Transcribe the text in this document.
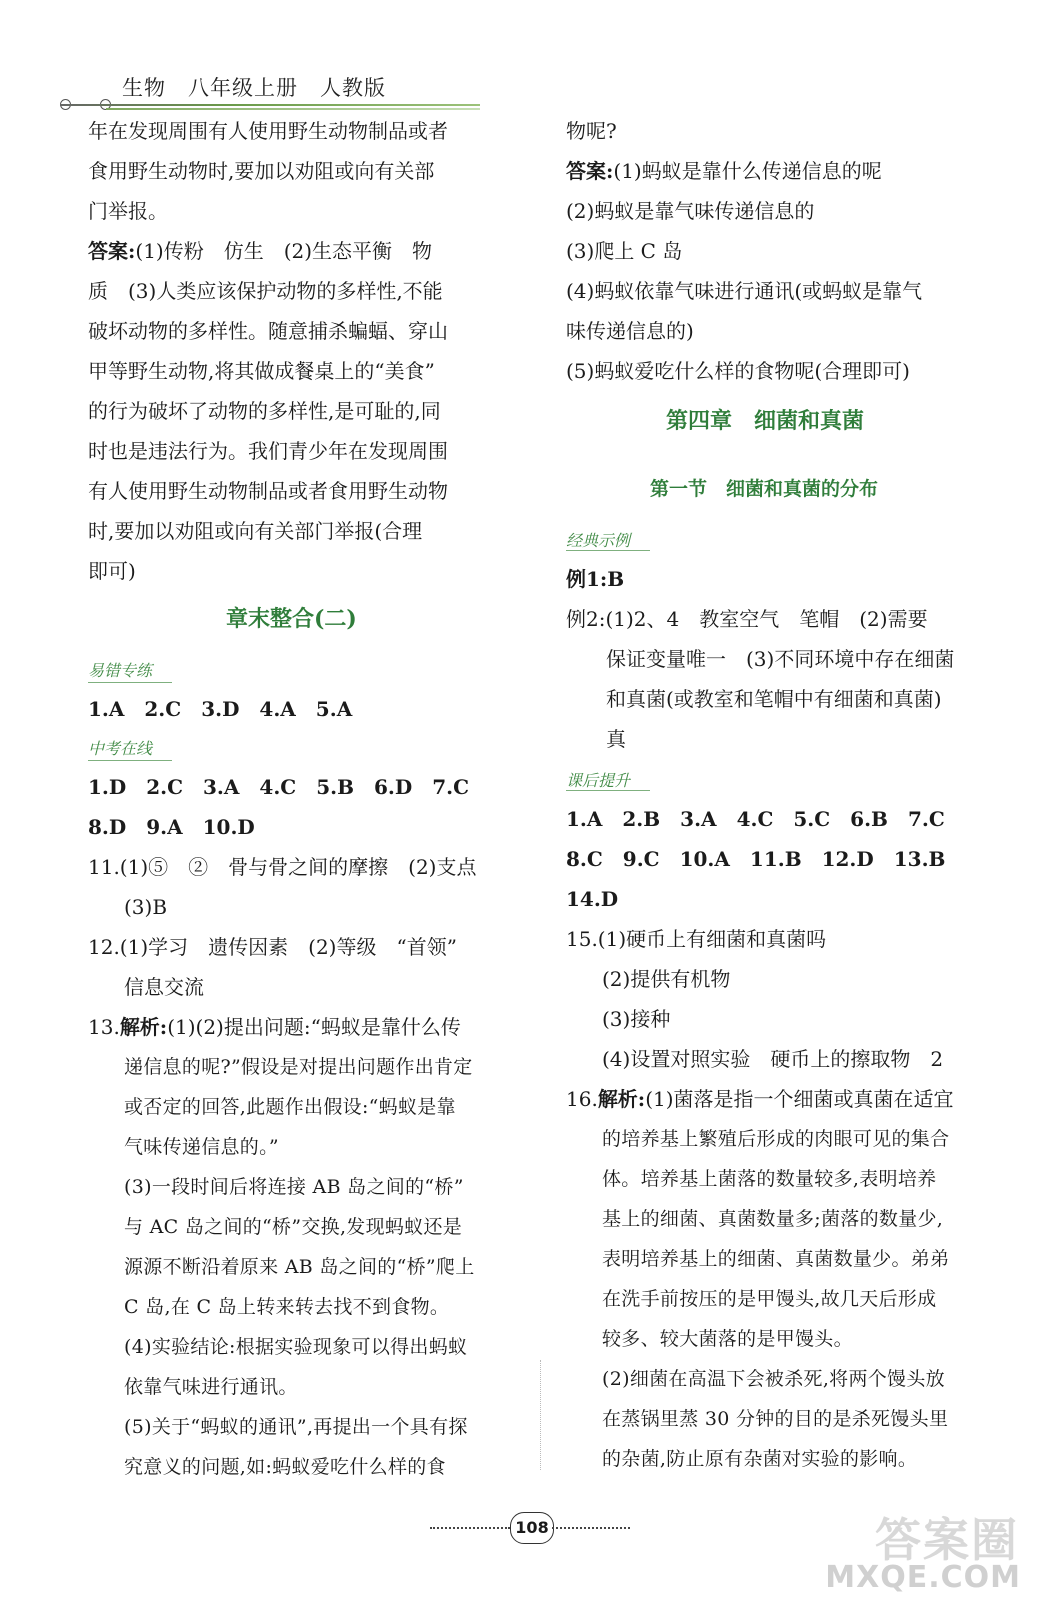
生物　八年级上册　人教版
年在发现周围有人使用野生动物制品或者
食用野生动物时,要加以劝阻或向有关部
门举报。
答案:(1)传粉　仿生　(2)生态平衡　物
质　(3)人类应该保护动物的多样性,不能
破坏动物的多样性。随意捕杀蝙蝠、穿山
甲等野生动物,将其做成餐桌上的“美食”
的行为破坏了动物的多样性,是可耻的,同
时也是违法行为。我们青少年在发现周围
有人使用野生动物制品或者食用野生动物
时,要加以劝阻或向有关部门举报(合理
即可)
章末整合(二)
易错专练
1.A　2.C　3.D　4.A　5.A
中考在线
1.D　2.C　3.A　4.C　5.B　6.D　7.C
8.D　9.A　10.D
11.(1)⑤　②　骨与骨之间的摩擦　(2)支点
(3)B
12.(1)学习　遗传因素　(2)等级　“首领”
信息交流
13.解析:(1)(2)提出问题:“蚂蚁是靠什么传
递信息的呢?”假设是对提出问题作出肯定
或否定的回答,此题作出假设:“蚂蚁是靠
气味传递信息的。”
(3)一段时间后将连接 AB 岛之间的“桥”
与 AC 岛之间的“桥”交换,发现蚂蚁还是
源源不断沿着原来 AB 岛之间的“桥”爬上
C 岛,在 C 岛上转来转去找不到食物。
(4)实验结论:根据实验现象可以得出蚂蚁
依靠气味进行通讯。
(5)关于“蚂蚁的通讯”,再提出一个具有探
究意义的问题,如:蚂蚁爱吃什么样的食
物呢?
答案:(1)蚂蚁是靠什么传递信息的呢
(2)蚂蚁是靠气味传递信息的
(3)爬上 C 岛
(4)蚂蚁依靠气味进行通讯(或蚂蚁是靠气
味传递信息的)
(5)蚂蚁爱吃什么样的食物呢(合理即可)
第四章　细菌和真菌
第一节　细菌和真菌的分布
经典示例
例1:B
例2:(1)2、4　教室空气　笔帽　(2)需要
保证变量唯一　(3)不同环境中存在细菌
和真菌(或教室和笔帽中有细菌和真菌)
真
课后提升
1.A　2.B　3.A　4.C　5.C　6.B　7.C
8.C　9.C　10.A　11.B　12.D　13.B
14.D
15.(1)硬币上有细菌和真菌吗
(2)提供有机物
(3)接种
(4)设置对照实验　硬币上的擦取物　2
16.解析:(1)菌落是指一个细菌或真菌在适宜
的培养基上繁殖后形成的肉眼可见的集合
体。培养基上菌落的数量较多,表明培养
基上的细菌、真菌数量多;菌落的数量少,
表明培养基上的细菌、真菌数量少。弟弟
在洗手前按压的是甲馒头,故几天后形成
较多、较大菌落的是甲馒头。
(2)细菌在高温下会被杀死,将两个馒头放
在蒸锅里蒸 30 分钟的目的是杀死馒头里
的杂菌,防止原有杂菌对实验的影响。
108	答案圈
MXQE.COM
